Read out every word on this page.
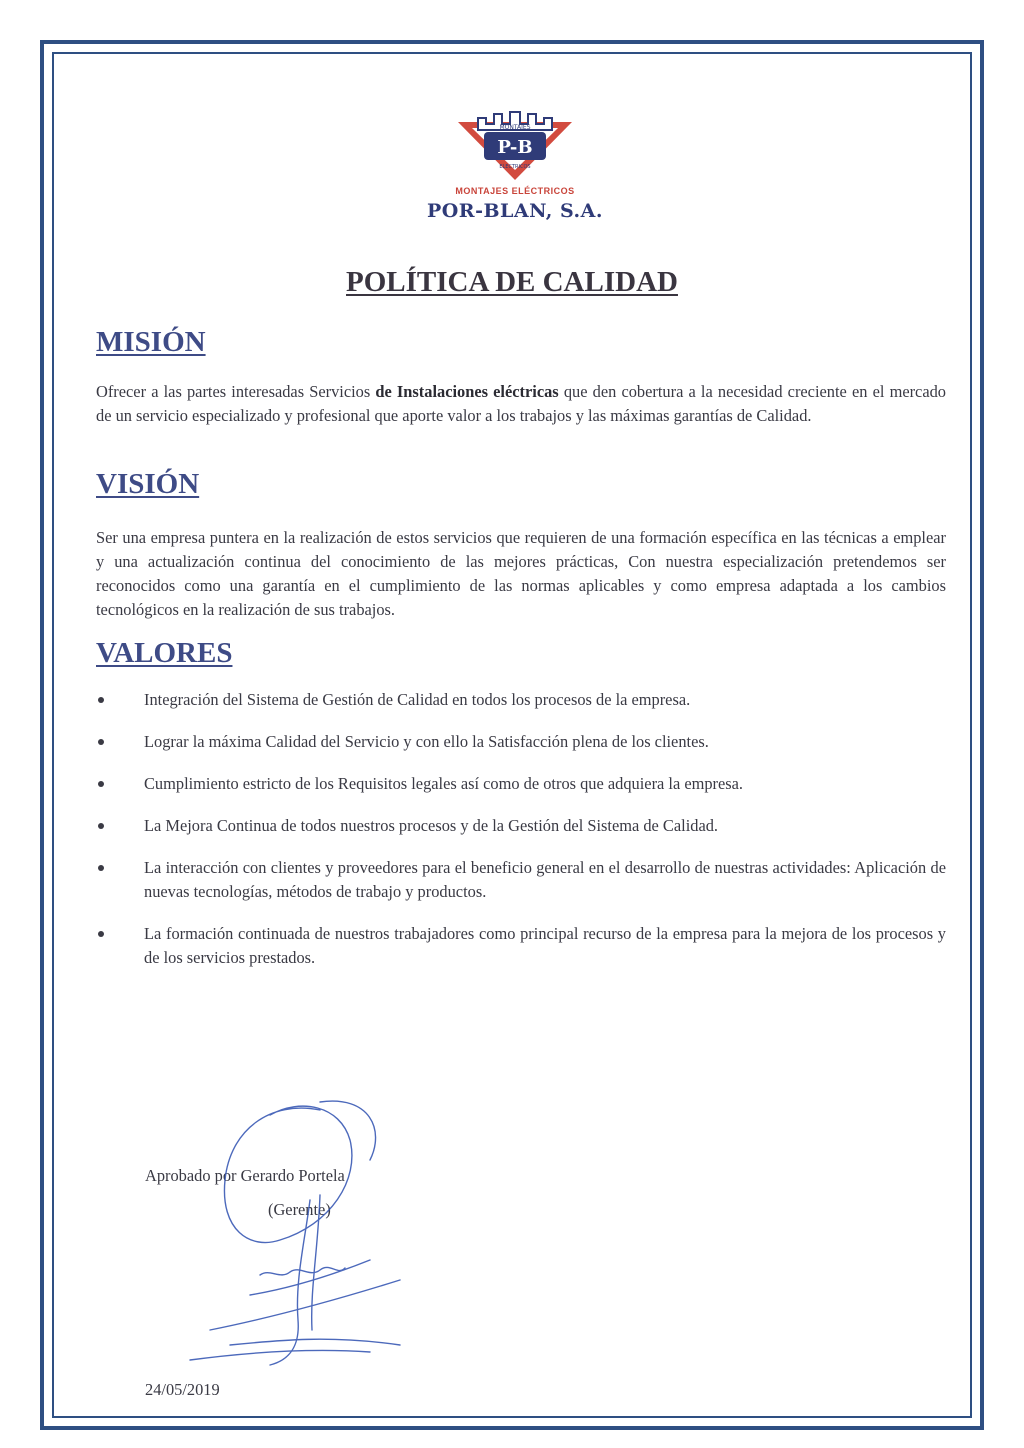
MONTAJES
P-B
ELECTRICOS
MONTAJES ELÉCTRICOS
POR-BLAN, S.A.
POLÍTICA DE CALIDAD
MISIÓN

Ofrecer a las partes interesadas Servicios de Instalaciones eléctricas que den cobertura a la necesidad creciente en el mercado de un servicio especializado y profesional que aporte valor a los trabajos y las máximas garantías de Calidad.

VISIÓN

Ser una empresa puntera en la realización de estos servicios que requieren de una formación específica en las técnicas a emplear y una actualización continua del conocimiento de las mejores prácticas, Con nuestra especialización pretendemos ser reconocidos como una garantía en el cumplimiento de las normas aplicables y como empresa adaptada a los cambios tecnológicos en la realización de sus trabajos.

VALORES
Integración del Sistema de Gestión de Calidad en todos los procesos de la empresa.
Lograr la máxima Calidad del Servicio y con ello la Satisfacción plena de los clientes.
Cumplimiento estricto de los Requisitos legales así como de otros que adquiera la empresa.
La Mejora Continua de todos nuestros procesos y de la Gestión del Sistema de Calidad.
La interacción con clientes y proveedores para el beneficio general en el desarrollo de nuestras actividades: Aplicación de nuevas tecnologías, métodos de trabajo y productos.
La formación continuada de nuestros trabajadores como principal recurso de la empresa para la mejora de los procesos y de los servicios prestados.

Aprobado por Gerardo Portela

(Gerente)

24/05/2019
